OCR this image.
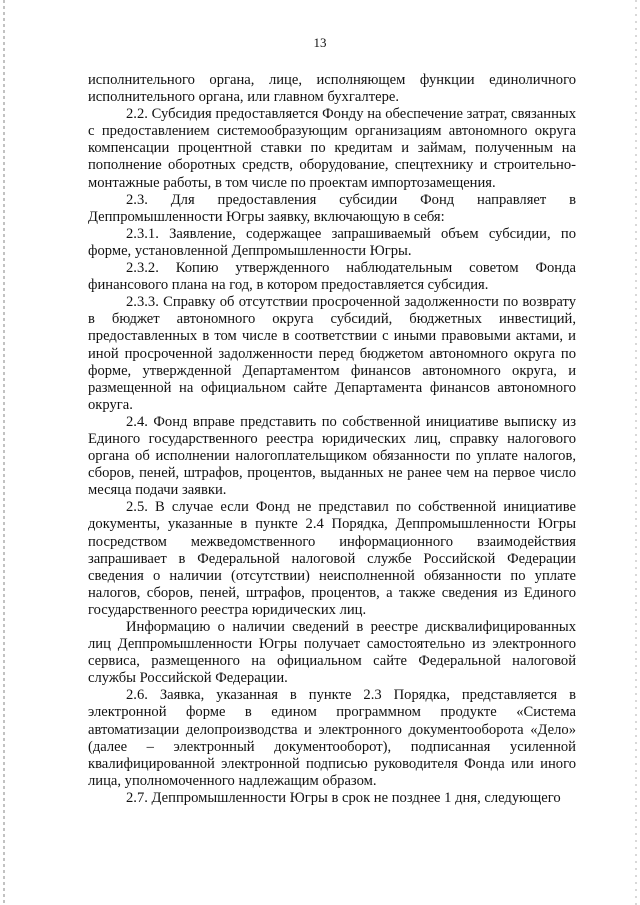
13

исполнительного органа, лице, исполняющем функции единоличного исполнительного органа, или главном бухгалтере.

2.2. Субсидия предоставляется Фонду на обеспечение затрат, связанных с предоставлением системообразующим организациям автономного округа компенсации процентной ставки по кредитам и займам, полученным на пополнение оборотных средств, оборудование, спецтехнику и строительно-монтажные работы, в том числе по проектам импортозамещения.

2.3. Для предоставления субсидии Фонд направляет в Деппромышленности Югры заявку, включающую в себя:

2.3.1. Заявление, содержащее запрашиваемый объем субсидии, по форме, установленной Деппромышленности Югры.

2.3.2. Копию утвержденного наблюдательным советом Фонда финансового плана на год, в котором предоставляется субсидия.

2.3.3. Справку об отсутствии просроченной задолженности по возврату в бюджет автономного округа субсидий, бюджетных инвестиций, предоставленных в том числе в соответствии с иными правовыми актами, и иной просроченной задолженности перед бюджетом автономного округа по форме, утвержденной Департаментом финансов автономного округа, и размещенной на официальном сайте Департамента финансов автономного округа.

2.4. Фонд вправе представить по собственной инициативе выписку из Единого государственного реестра юридических лиц, справку налогового органа об исполнении налогоплательщиком обязанности по уплате налогов, сборов, пеней, штрафов, процентов, выданных не ранее чем на первое число месяца подачи заявки.

2.5. В случае если Фонд не представил по собственной инициативе документы, указанные в пункте 2.4 Порядка, Деппромышленности Югры посредством межведомственного информационного взаимодействия запрашивает в Федеральной налоговой службе Российской Федерации сведения о наличии (отсутствии) неисполненной обязанности по уплате налогов, сборов, пеней, штрафов, процентов, а также сведения из Единого государственного реестра юридических лиц.

Информацию о наличии сведений в реестре дисквалифицированных лиц Деппромышленности Югры получает самостоятельно из электронного сервиса, размещенного на официальном сайте Федеральной налоговой службы Российской Федерации.

2.6. Заявка, указанная в пункте 2.3 Порядка, представляется в электронной форме в едином программном продукте «Система автоматизации делопроизводства и электронного документооборота «Дело» (далее – электронный документооборот), подписанная усиленной квалифицированной электронной подписью руководителя Фонда или иного лица, уполномоченного надлежащим образом.

2.7. Деппромышленности Югры в срок не позднее 1 дня, следующего
